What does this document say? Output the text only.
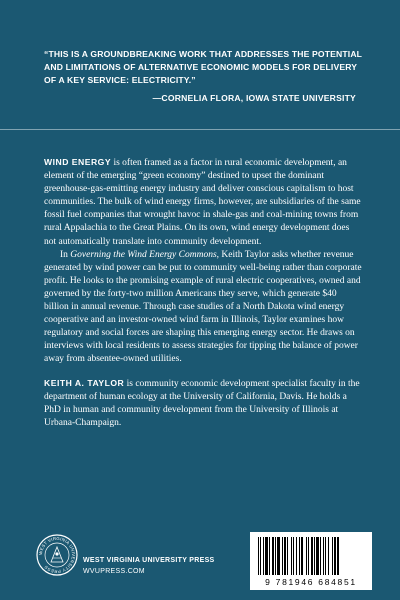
“THIS IS A GROUNDBREAKING WORK THAT ADDRESSES THE POTENTIAL AND LIMITATIONS OF ALTERNATIVE ECONOMIC MODELS FOR DELIVERY OF A KEY SERVICE: ELECTRICITY.”
—CORNELIA FLORA, IOWA STATE UNIVERSITY

WIND ENERGY is often framed as a factor in rural economic development, an element of the emerging “green economy” destined to upset the dominant greenhouse-gas-emitting energy industry and deliver conscious capitalism to host communities. The bulk of wind energy firms, however, are subsidiaries of the same fossil fuel companies that wrought havoc in shale-gas and coal-mining towns from rural Appalachia to the Great Plains. On its own, wind energy development does not automatically translate into community development.

In Governing the Wind Energy Commons, Keith Taylor asks whether revenue generated by wind power can be put to community well-being rather than corporate profit. He looks to the promising example of rural electric cooperatives, owned and governed by the forty-two million Americans they serve, which generate $40 billion in annual revenue. Through case studies of a North Dakota wind energy cooperative and an investor-owned wind farm in Illinois, Taylor examines how regulatory and social forces are shaping this emerging energy sector. He draws on interviews with local residents to assess strategies for tipping the balance of power away from absentee-owned utilities.

KEITH A. TAYLOR is community economic development specialist faculty in the department of human ecology at the University of California, Davis. He holds a PhD in human and community development from the University of Illinois at Urbana-Champaign.

WEST VIRGINIA UNIVERSITY PRESS
WEST VIRGINIA UNIVERSITY PRESS
WVUPRESS.COM
9 781946 684851
